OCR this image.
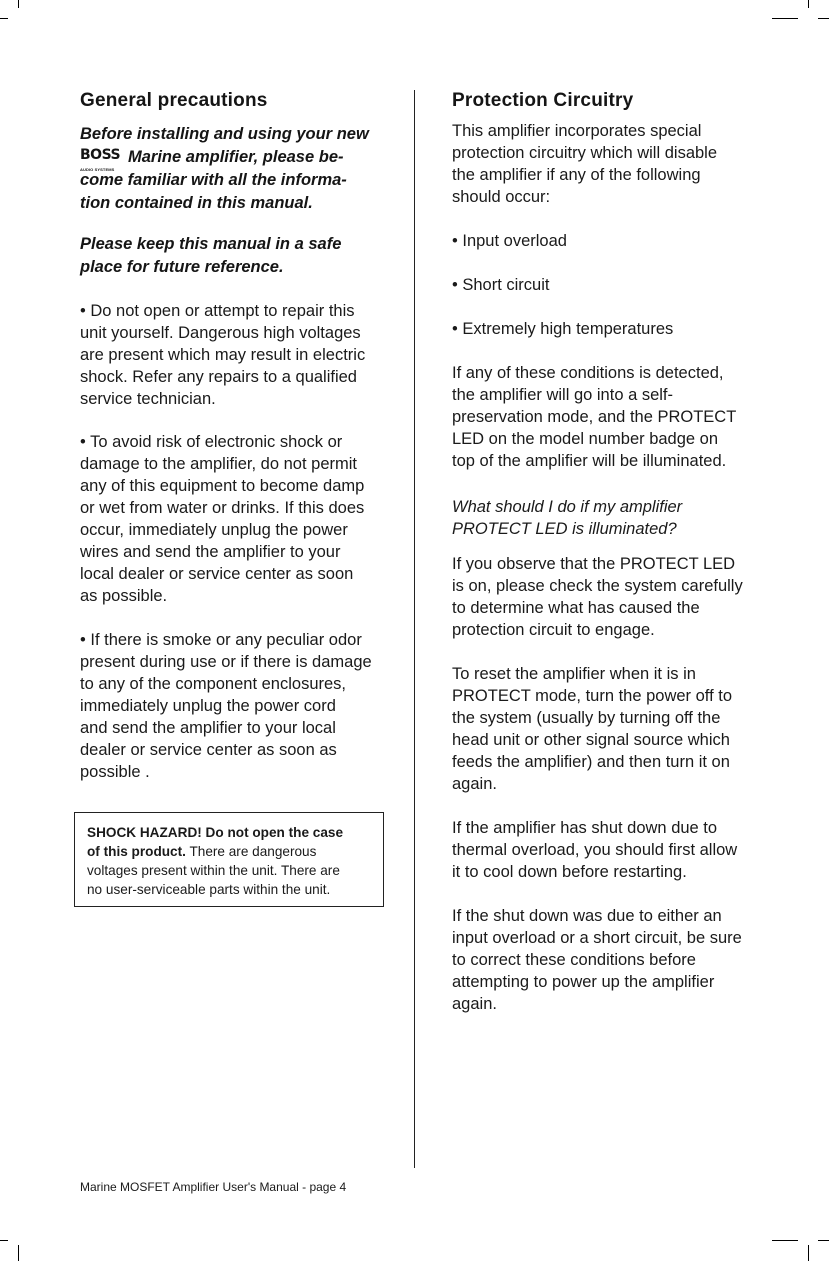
General precautions
Before installing and using your new
BOSS
AUDIO SYSTEMS
Marine amplifier, please be-
come familiar with all the informa-
tion contained in this manual.
Please keep this manual in a safe
place for future reference.
• Do not open or attempt to repair this
unit yourself. Dangerous high voltages
are present which may result in electric
shock. Refer any repairs to a qualified
service technician.
• To avoid risk of electronic shock or
damage to the amplifier, do not permit
any of this equipment to become damp
or wet from water or drinks. If this does
occur, immediately unplug the power
wires and send the amplifier to your
local dealer or service center as soon
as possible.
• If there is smoke or any peculiar odor
present during use or if there is damage
to any of the component enclosures,
immediately unplug the power cord
and send the amplifier to your local
dealer or service center as soon as
possible .
SHOCK HAZARD! Do not open the case
of this product. There are dangerous
voltages present within the unit. There are
no user-serviceable parts within the unit.
Protection Circuitry
This amplifier incorporates special
protection circuitry which will disable
the amplifier if any of the following
should occur:
• Input overload
• Short circuit
• Extremely high temperatures
If any of these conditions is detected,
the amplifier will go into a self-
preservation mode, and the PROTECT
LED on the model number badge on
top of the amplifier will be illuminated.
What should I do if my amplifier
PROTECT LED is illuminated?
If you observe that the PROTECT LED
is on, please check the system carefully
to determine what has caused the
protection circuit to engage.
To reset the amplifier when it is in
PROTECT mode, turn the power off to
the system (usually by turning off the
head unit or other signal source which
feeds the amplifier) and then turn it on
again.
If the amplifier has shut down due to
thermal overload, you should first allow
it to cool down before restarting.
If the shut down was due to either an
input overload or a short circuit, be sure
to correct these conditions before
attempting to power up the amplifier
again.
Marine MOSFET Amplifier User's Manual - page 4
